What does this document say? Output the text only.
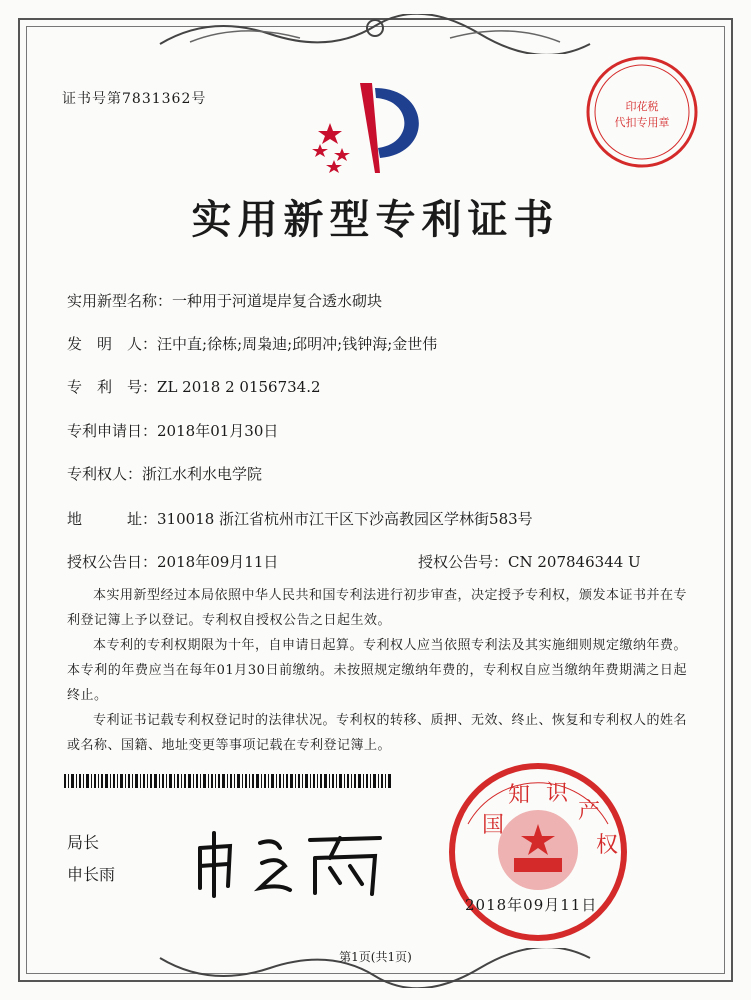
证书号第7831362号	印花税
代扣专用章
实用新型专利证书
实用新型名称：一种用于河道堤岸复合透水砌块
发　明　人：汪中直;徐栋;周枭迪;邱明冲;钱钟海;金世伟
专　利　号：ZL 2018 2 0156734.2
专利申请日：2018年01月30日
专利权人：浙江水利水电学院
地　　　址：310018 浙江省杭州市江干区下沙高教园区学林街583号
授权公告日：2018年09月11日	授权公告号：CN 207846344 U
本实用新型经过本局依照中华人民共和国专利法进行初步审查，决定授予专利权，颁发本证书并在专利登记簿上予以登记。专利权自授权公告之日起生效。
本专利的专利权期限为十年，自申请日起算。专利权人应当依照专利法及其实施细则规定缴纳年费。本专利的年费应当在每年01月30日前缴纳。未按照规定缴纳年费的，专利权自应当缴纳年费期满之日起终止。
专利证书记载专利权登记时的法律状况。专利权的转移、质押、无效、终止、恢复和专利权人的姓名或名称、国籍、地址变更等事项记载在专利登记簿上。
局长
申长雨
国
知 识
产
权
2018年09月11日
第1页(共1页)
